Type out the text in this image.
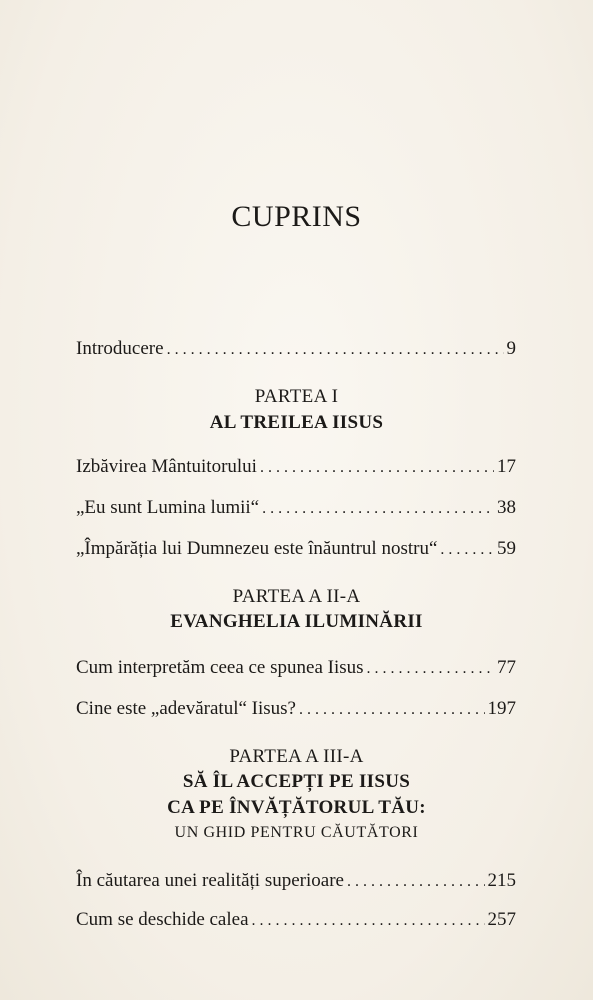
CUPRINS
Introducere . . .	9
PARTEA I
AL TREILEA IISUS
Izbăvirea Mântuitorului . . .	17
„Eu sunt Lumina lumii“ . . .	38
„Împărăția lui Dumnezeu este înăuntrul nostru“ . . .	59
PARTEA A II-A
EVANGHELIA ILUMINĂRII
Cum interpretăm ceea ce spunea Iisus . . .	77
Cine este „adevăratul“ Iisus? . . .	197
PARTEA A III-A
SĂ ÎL ACCEPȚI PE IISUS
CA PE ÎNVĂȚĂTORUL TĂU:
UN GHID PENTRU CĂUTĂTORI
În căutarea unei realități superioare . . .	215
Cum se deschide calea . . .	257
